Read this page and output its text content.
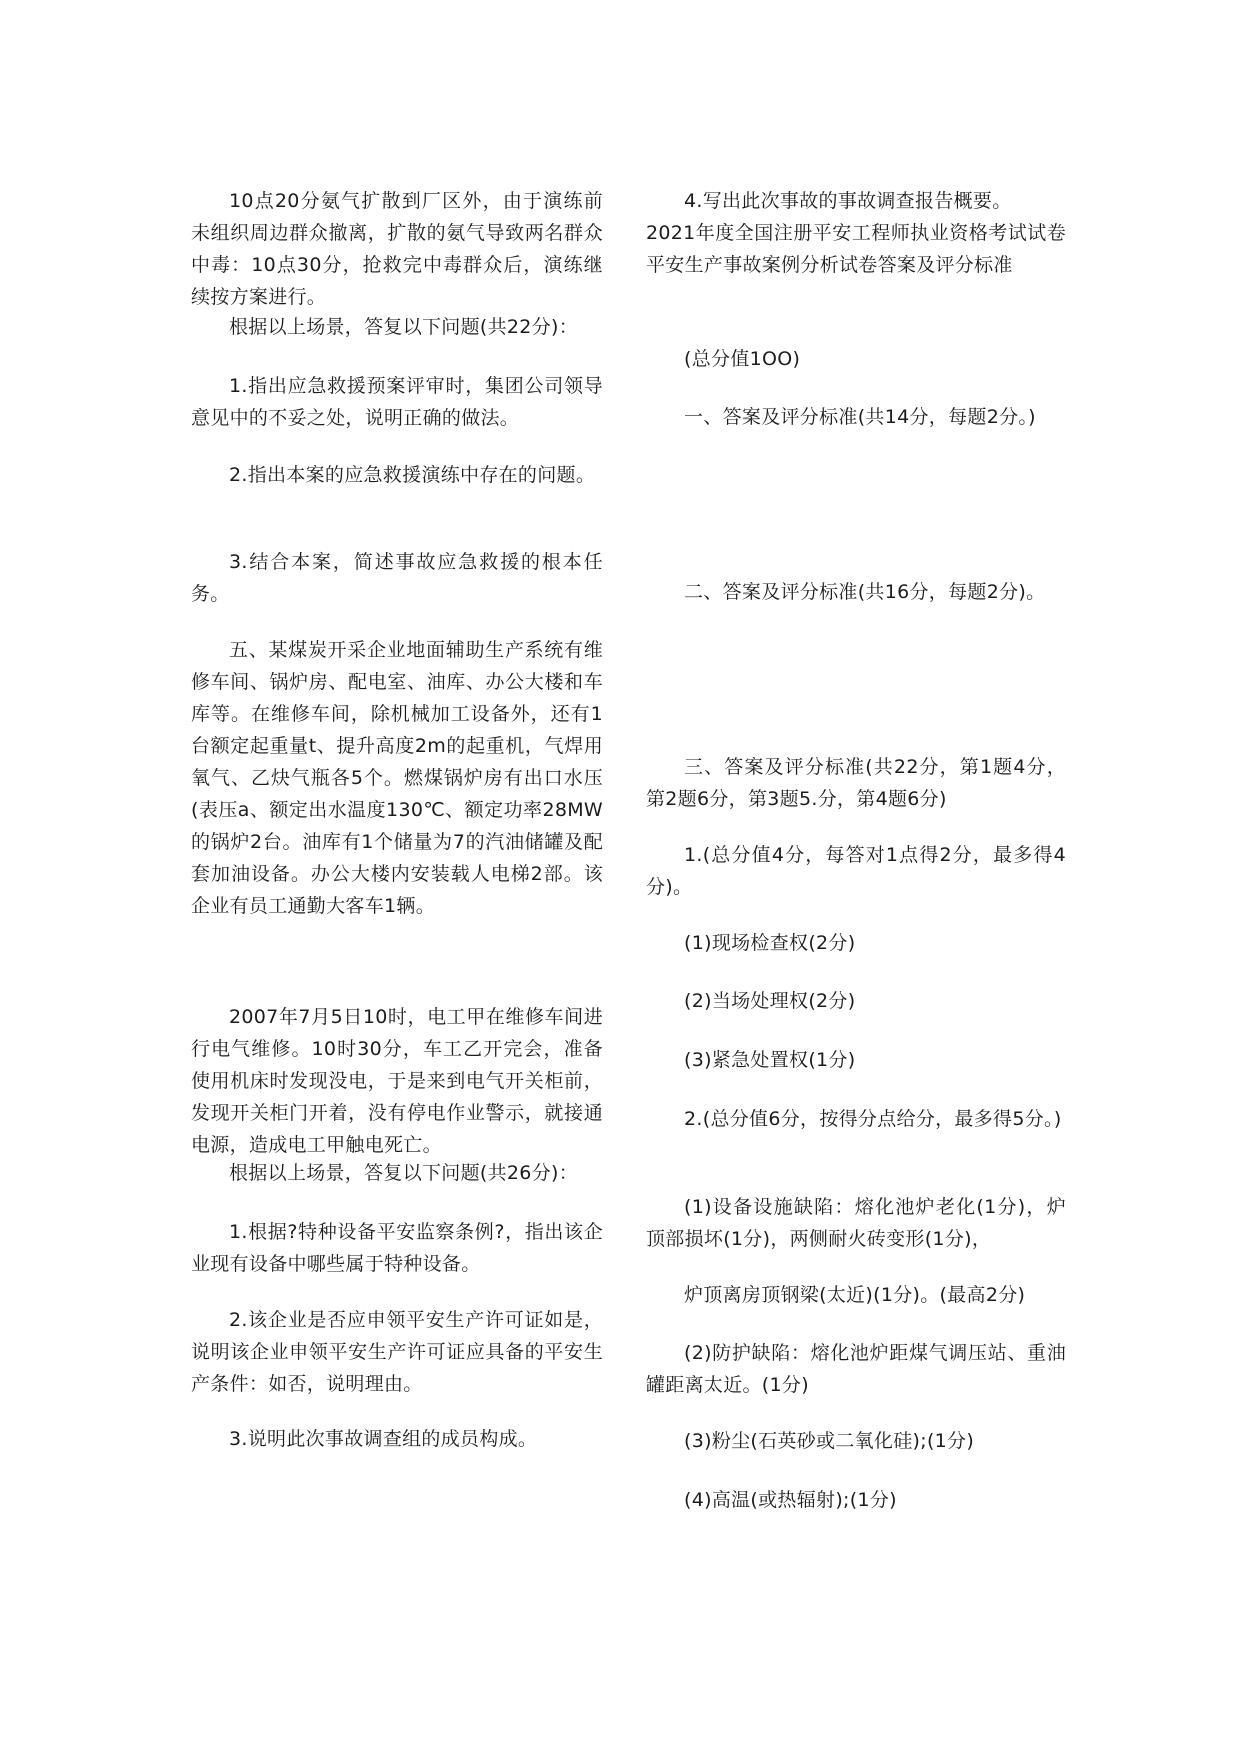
10点20分氨气扩散到厂区外，由于演练前未组织周边群众撤离，扩散的氨气导致两名群众中毒：10点30分，抢救完中毒群众后，演练继续按方案进行。

根据以上场景，答复以下问题(共22分)：

1.指出应急救援预案评审时，集团公司领导意见中的不妥之处，说明正确的做法。

2.指出本案的应急救援演练中存在的问题。

3.结合本案，简述事故应急救援的根本任务。

五、某煤炭开采企业地面辅助生产系统有维修车间、锅炉房、配电室、油库、办公大楼和车库等。在维修车间，除机械加工设备外，还有1台额定起重量t、提升高度2m的起重机，气焊用氧气、乙炔气瓶各5个。燃煤锅炉房有出口水压(表压a、额定出水温度130℃、额定功率28MW的锅炉2台。油库有1个储量为7的汽油储罐及配套加油设备。办公大楼内安装载人电梯2部。该企业有员工通勤大客车1辆。

2007年7月5日10时，电工甲在维修车间进行电气维修。10时30分，车工乙开完会，准备使用机床时发现没电，于是来到电气开关柜前，发现开关柜门开着，没有停电作业警示，就接通电源，造成电工甲触电死亡。

根据以上场景，答复以下问题(共26分)：

1.根据?特种设备平安监察条例?，指出该企业现有设备中哪些属于特种设备。

2.该企业是否应申领平安生产许可证如是，说明该企业申领平安生产许可证应具备的平安生产条件：如否，说明理由。

3.说明此次事故调查组的成员构成。

4.写出此次事故的事故调查报告概要。

2021年度全国注册平安工程师执业资格考试试卷平安生产事故案例分析试卷答案及评分标准

(总分值1OO)

一、答案及评分标准(共14分，每题2分。)

二、答案及评分标准(共16分，每题2分)。

三、答案及评分标准(共22分，第1题4分，第2题6分，第3题5.分，第4题6分)

1.(总分值4分，每答对1点得2分，最多得4分)。

(1)现场检查权(2分)

(2)当场处理权(2分)

(3)紧急处置权(1分)

2.(总分值6分，按得分点给分，最多得5分。)

(1)设备设施缺陷：熔化池炉老化(1分)，炉顶部损坏(1分)，两侧耐火砖变形(1分)，

炉顶离房顶钢梁(太近)(1分)。(最高2分)

(2)防护缺陷：熔化池炉距煤气调压站、重油罐距离太近。(1分)

(3)粉尘(石英砂或二氧化硅);(1分)

(4)高温(或热辐射);(1分)
